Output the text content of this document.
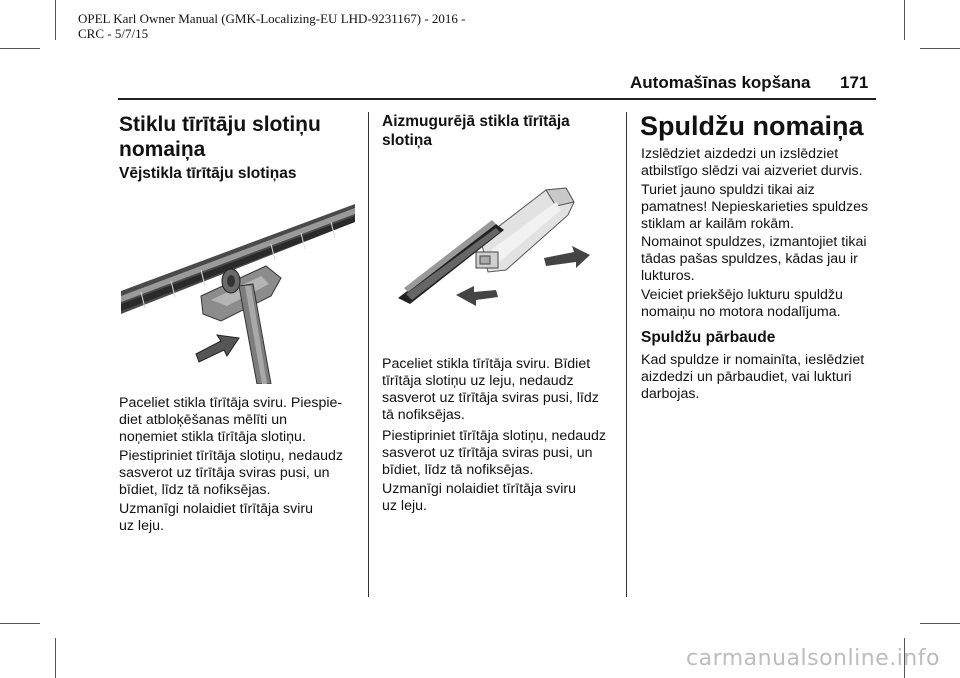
OPEL Karl Owner Manual (GMK-Localizing-EU LHD-9231167) - 2016 -
CRC - 5/7/15
Automašīnas kopšana 171
Stiklu tīrītāju slotiņu
nomaiņa
Vējstikla tīrītāju slotiņas

Paceliet stikla tīrītāja sviru. Piespie-
diet atbloķēšanas mēlīti un
noņemiet stikla tīrītāja slotiņu.

Piestipriniet tīrītāja slotiņu, nedaudz
sasverot uz tīrītāja sviras pusi, un
bīdiet, līdz tā nofiksējas.

Uzmanīgi nolaidiet tīrītāja sviru
uz leju.

Aizmugurējā stikla tīrītāja
slotiņa

Paceliet stikla tīrītāja sviru. Bīdiet
tīrītāja slotiņu uz leju, nedaudz
sasverot uz tīrītāja sviras pusi, līdz
tā nofiksējas.

Piestipriniet tīrītāja slotiņu, nedaudz
sasverot uz tīrītāja sviras pusi, un
bīdiet, līdz tā nofiksējas.

Uzmanīgi nolaidiet tīrītāja sviru
uz leju.

Spuldžu nomaiņa

Izslēdziet aizdedzi un izslēdziet
atbilstīgo slēdzi vai aizveriet durvis.

Turiet jauno spuldzi tikai aiz
pamatnes! Nepieskarieties spuldzes
stiklam ar kailām rokām.

Nomainot spuldzes, izmantojiet tikai
tādas pašas spuldzes, kādas jau ir
lukturos.

Veiciet priekšējo lukturu spuldžu
nomaiņu no motora nodalījuma.

Spuldžu pārbaude

Kad spuldze ir nomainīta, ieslēdziet
aizdedzi un pārbaudiet, vai lukturi
darbojas.

carmanualsonline.info
